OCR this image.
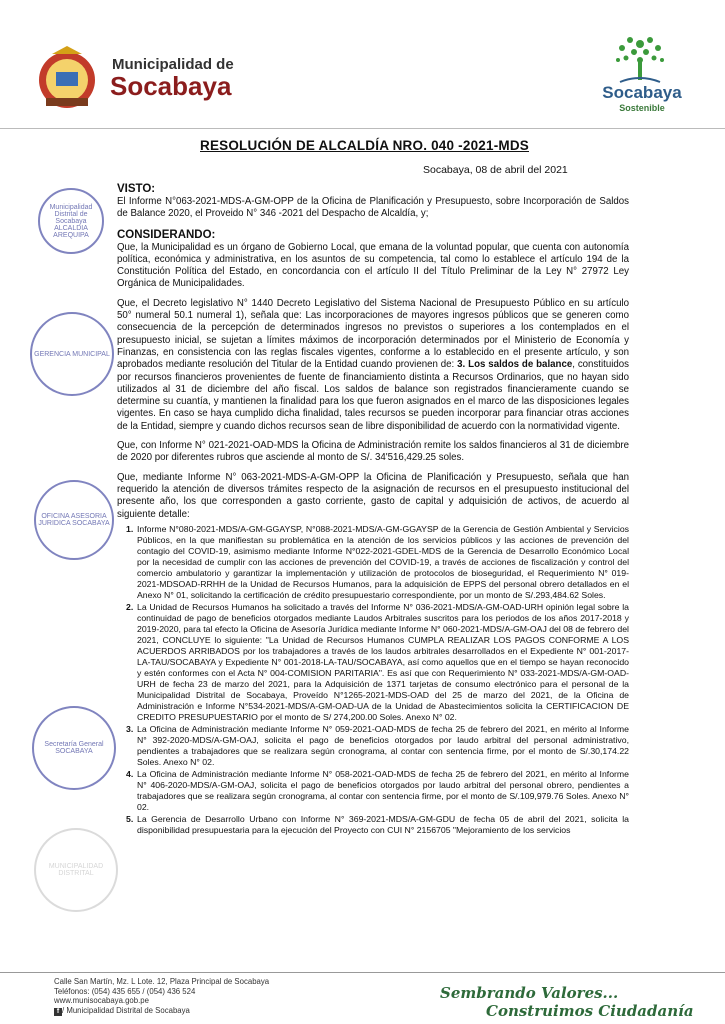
Municipalidad de
Socabaya	Socabaya
Sostenible
RESOLUCIÓN DE ALCALDÍA NRO. 040 -2021-MDS
Socabaya, 08 de abril del 2021
Municipalidad Distrital de Socabaya ALCALDIA AREQUIPA
GERENCIA MUNICIPAL
OFICINA ASESORIA JURIDICA SOCABAYA
Secretaría General SOCABAYA
MUNICIPALIDAD DISTRITAL
VISTO:
El Informe N°063-2021-MDS-A-GM-OPP de la Oficina de Planificación y Presupuesto, sobre Incorporación de Saldos de Balance 2020, el Proveido N° 346 -2021 del Despacho de Alcaldía, y;
CONSIDERANDO:
Que, la Municipalidad es un órgano de Gobierno Local, que emana de la voluntad popular, que cuenta con autonomía política, económica y administrativa, en los asuntos de su competencia, tal como lo establece el artículo 194 de la Constitución Política del Estado, en concordancia con el artículo II del Título Preliminar de la Ley N° 27972 Ley Orgánica de Municipalidades.
Que, el Decreto legislativo N° 1440 Decreto Legislativo del Sistema Nacional de Presupuesto Público en su artículo 50° numeral 50.1 numeral 1), señala que: Las incorporaciones de mayores ingresos públicos que se generen como consecuencia de la percepción de determinados ingresos no previstos o superiores a los contemplados en el presupuesto inicial, se sujetan a límites máximos de incorporación determinados por el Ministerio de Economía y Finanzas, en consistencia con las reglas fiscales vigentes, conforme a lo establecido en el presente artículo, y son aprobados mediante resolución del Titular de la Entidad cuando provienen de: 3. Los saldos de balance, constituidos por recursos financieros provenientes de fuente de financiamiento distinta a Recursos Ordinarios, que no hayan sido utilizados al 31 de diciembre del año fiscal. Los saldos de balance son registrados financieramente cuando se determine su cuantía, y mantienen la finalidad para los que fueron asignados en el marco de las disposiciones legales vigentes. En caso se haya cumplido dicha finalidad, tales recursos se pueden incorporar para financiar otras acciones de la Entidad, siempre y cuando dichos recursos sean de libre disponibilidad de acuerdo con la normatividad vigente.
Que, con Informe N° 021-2021-OAD-MDS la Oficina de Administración remite los saldos financieros al 31 de diciembre de 2020 por diferentes rubros que asciende al monto de S/. 34'516,429.25 soles.
Que, mediante Informe N° 063-2021-MDS-A-GM-OPP la Oficina de Planificación y Presupuesto, señala que han requerido la atención de diversos trámites respecto de la asignación de recursos en el presupuesto institucional del presente año, los que corresponden a gasto corriente, gasto de capital y adquisición de activos, de acuerdo al siguiente detalle:
1. Informe N°080-2021-MDS/A-GM-GGAYSP, N°088-2021-MDS/A-GM-GGAYSP de la Gerencia de Gestión Ambiental y Servicios Públicos, en la que manifiestan su problemática en la atención de los servicios públicos y las acciones de prevención del contagio del COVID-19, asimismo mediante Informe N°022-2021-GDEL-MDS de la Gerencia de Desarrollo Económico Local por la necesidad de cumplir con las acciones de prevención del COVID-19, a través de acciones de fiscalización y control del comercio ambulatorio y garantizar la implementación y utilización de protocolos de bioseguridad, el Requerimiento N° 019-2021-MDSOAD-RRHH de la Unidad de Recursos Humanos, para la adquisición de EPPS del personal obrero detallados en el Anexo N° 01, solicitando la certificación de crédito presupuestario correspondiente, por un monto de S/.293,484.62 Soles.
2. La Unidad de Recursos Humanos ha solicitado a través del Informe N° 036-2021-MDS/A-GM-OAD-URH opinión legal sobre la continuidad de pago de beneficios otorgados mediante Laudos Arbitrales suscritos para los periodos de los años 2017-2018 y 2019-2020, para tal efecto la Oficina de Asesoría Jurídica mediante Informe N° 060-2021-MDS/A-GM-OAJ del 08 de febrero del 2021, CONCLUYE lo siguiente: "La Unidad de Recursos Humanos CUMPLA REALIZAR LOS PAGOS CONFORME A LOS ACUERDOS ARRIBADOS por los trabajadores a través de los laudos arbitrales desarrollados en el Expediente N° 001-2017-LA-TAU/SOCABAYA y Expediente N° 001-2018-LA-TAU/SOCABAYA, así como aquellos que en el tiempo se hayan reconocido y estén conformes con el Acta N° 004-COMISION PARITARIA". Es así que con Requerimiento N° 033-2021-MDS/A-GM-OAD-URH de fecha 23 de marzo del 2021, para la Adquisición de 1371 tarjetas de consumo electrónico para el personal de la Municipalidad Distrital de Socabaya, Proveído N°1265-2021-MDS-OAD del 25 de marzo del 2021, de la Oficina de Administración e Informe N°534-2021-MDS/A-GM-OAD-UA de la Unidad de Abastecimientos solicita la CERTIFICACION DE CREDITO PRESUPUESTARIO por el monto de S/ 274,200.00 Soles. Anexo N° 02.
3. La Oficina de Administración mediante Informe N° 059-2021-OAD-MDS de fecha 25 de febrero del 2021, en mérito al Informe N° 392-2020-MDS/A-GM-OAJ, solicita el pago de beneficios otorgados por laudo arbitral del personal administrativo, pendientes a trabajadores que se realizara según cronograma, al contar con sentencia firme, por el monto de S/.30,174.22 Soles. Anexo N° 02.
4. La Oficina de Administración mediante Informe N° 058-2021-OAD-MDS de fecha 25 de febrero del 2021, en mérito al Informe N° 406-2020-MDS/A-GM-OAJ, solicita el pago de beneficios otorgados por laudo arbitral del personal obrero, pendientes a trabajadores que se realizara según cronograma, al contar con sentencia firme, por el monto de S/.109,979.76 Soles. Anexo N° 02.
5. La Gerencia de Desarrollo Urbano con Informe N° 369-2021-MDS/A-GM-GDU de fecha 05 de abril del 2021, solicita la disponibilidad presupuestaria para la ejecución del Proyecto con CUI N° 2156705 "Mejoramiento de los servicios
Calle San Martín, Mz. L Lote. 12, Plaza Principal de Socabaya
Teléfonos: (054) 435 655 / (054) 436 524
www.munisocabaya.gob.pe
f / Municipalidad Distrital de Socabaya
Sembrando Valores...
Construimos Ciudadanía
